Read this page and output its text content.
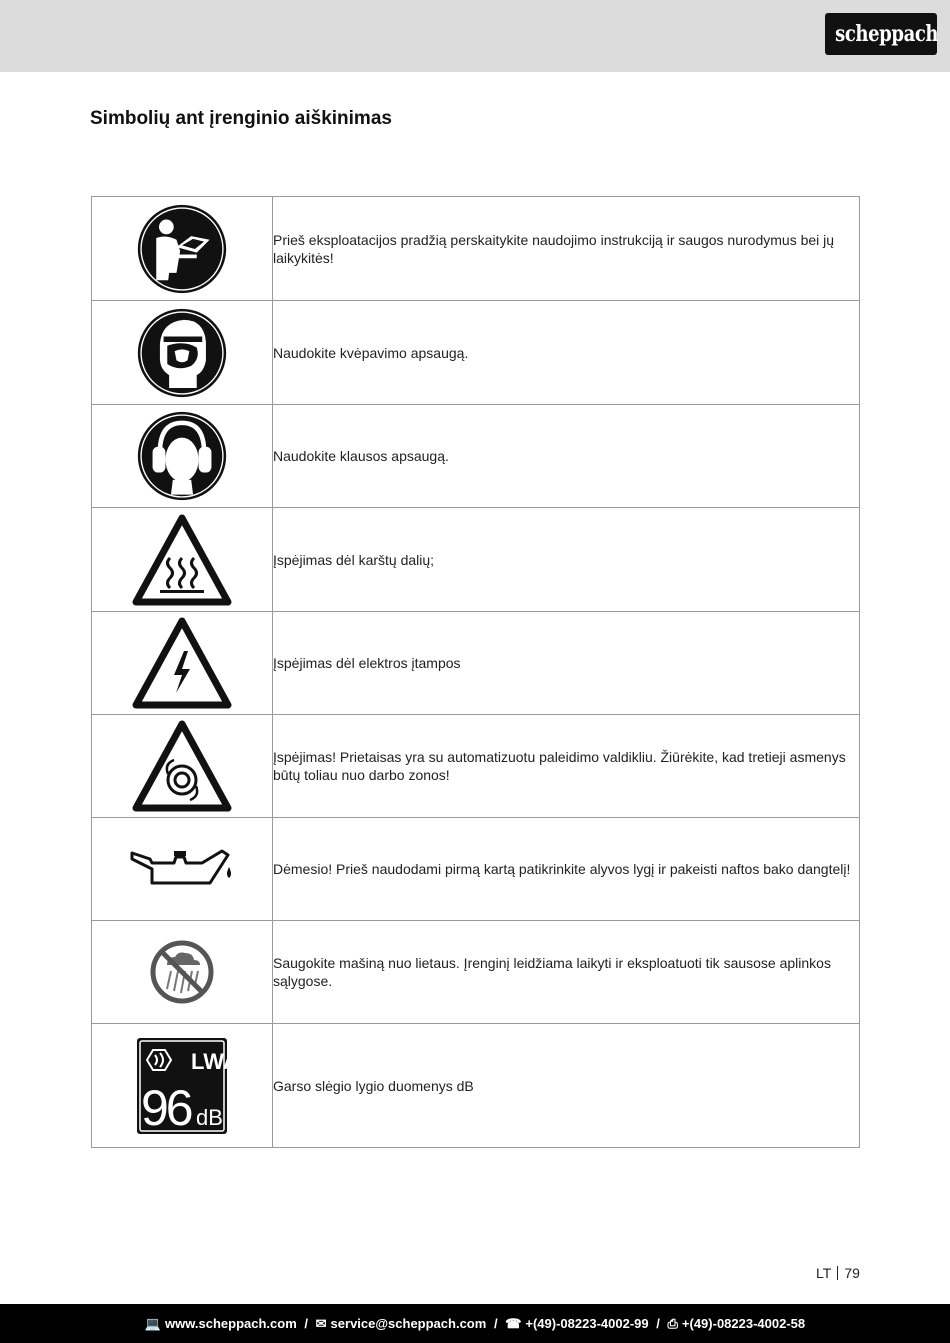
scheppach
Simbolių ant įrenginio aiškinimas
	Prieš eksploatacijos pradžią perskaitykite naudojimo instrukciją ir saugos nurodymus bei jų laikykitės!

	Naudokite kvėpavimo apsaugą.

	Naudokite klausos apsaugą.

	Įspėjimas dėl karštų dalių;

	Įspėjimas dėl elektros įtampos

	Įspėjimas! Prietaisas yra su automatizuotu paleidimo valdikliu. Žiūrėkite, kad tretieji asmenys būtų toliau nuo darbo zonos!

	Dėmesio! Prieš naudodami pirmą kartą patikrinkite alyvos lygį ir pakeisti naftos bako dangtelį!

	Saugokite mašiną nuo lietaus. Įrenginį leidžiama laikyti ir eksploatuoti tik sausose aplinkos sąlygose.

LWA
96 dB	Garso slėgio lygio duomenys dB
LT 79
💻 www.scheppach.com / ✉ service@scheppach.com / ☎ +(49)-08223-4002-99 / ⎙ +(49)-08223-4002-58
